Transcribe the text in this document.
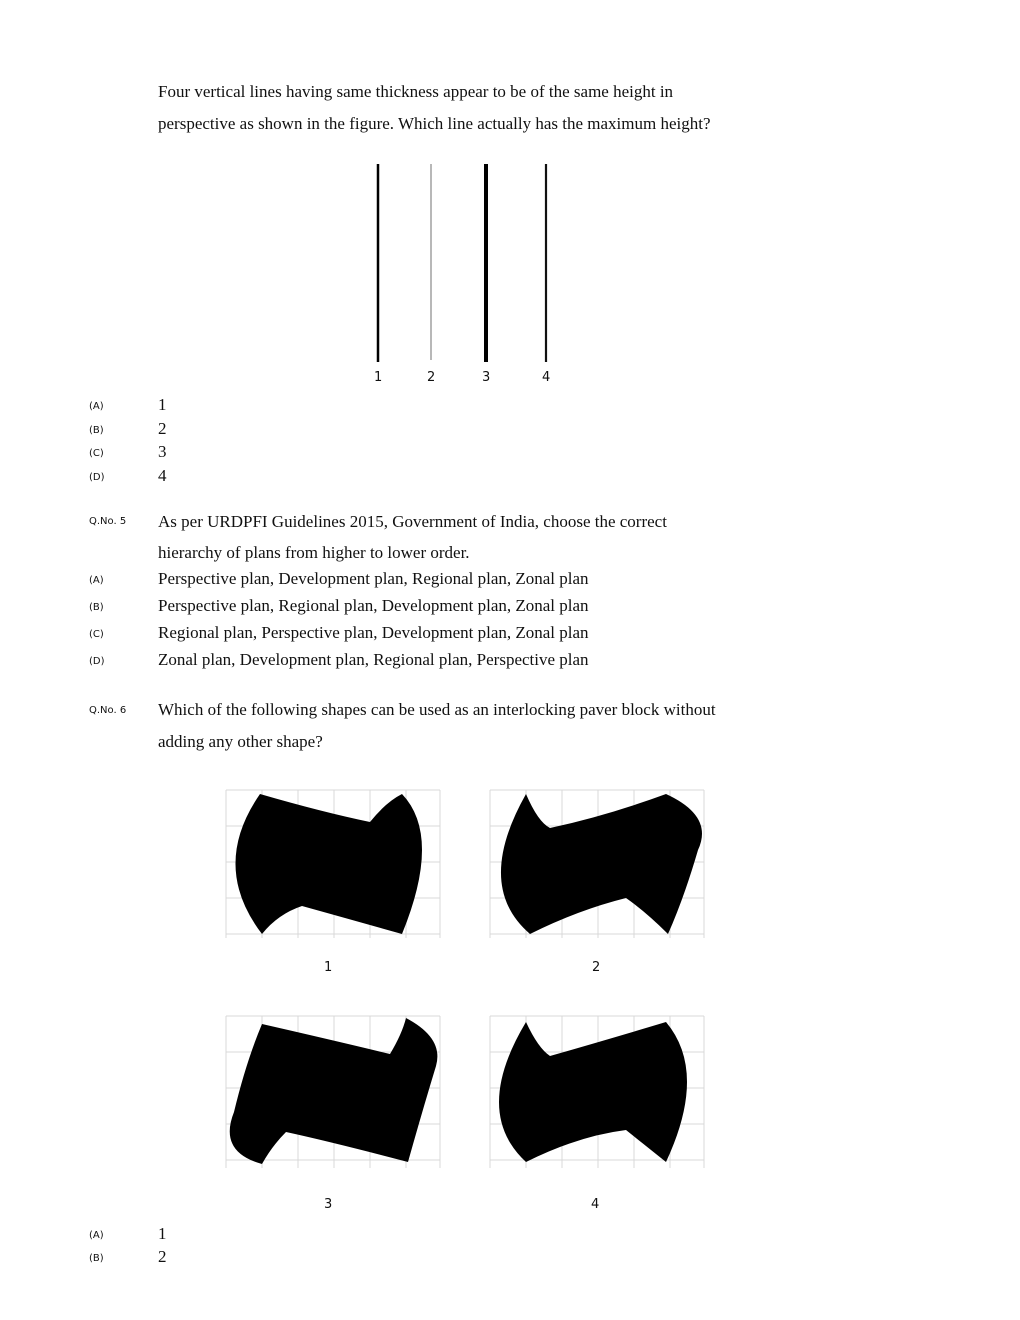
Four vertical lines having same thickness appear to be of the same height in
perspective as shown in the figure. Which line actually has the maximum height?
1	2	3	4
(A)	1
(B)	2
(C)	3
(D)	4
Q.No. 5 As per URDPFI Guidelines 2015, Government of India, choose the correct
hierarchy of plans from higher to lower order.
(A)	Perspective plan, Development plan, Regional plan, Zonal plan
(B)	Perspective plan, Regional plan, Development plan, Zonal plan
(C)	Regional plan, Perspective plan, Development plan, Zonal plan
(D)	Zonal plan, Development plan, Regional plan, Perspective plan
Q.No. 6 Which of the following shapes can be used as an interlocking paver block without
adding any other shape?
1	2
3	4
(A)	1
(B)	2
